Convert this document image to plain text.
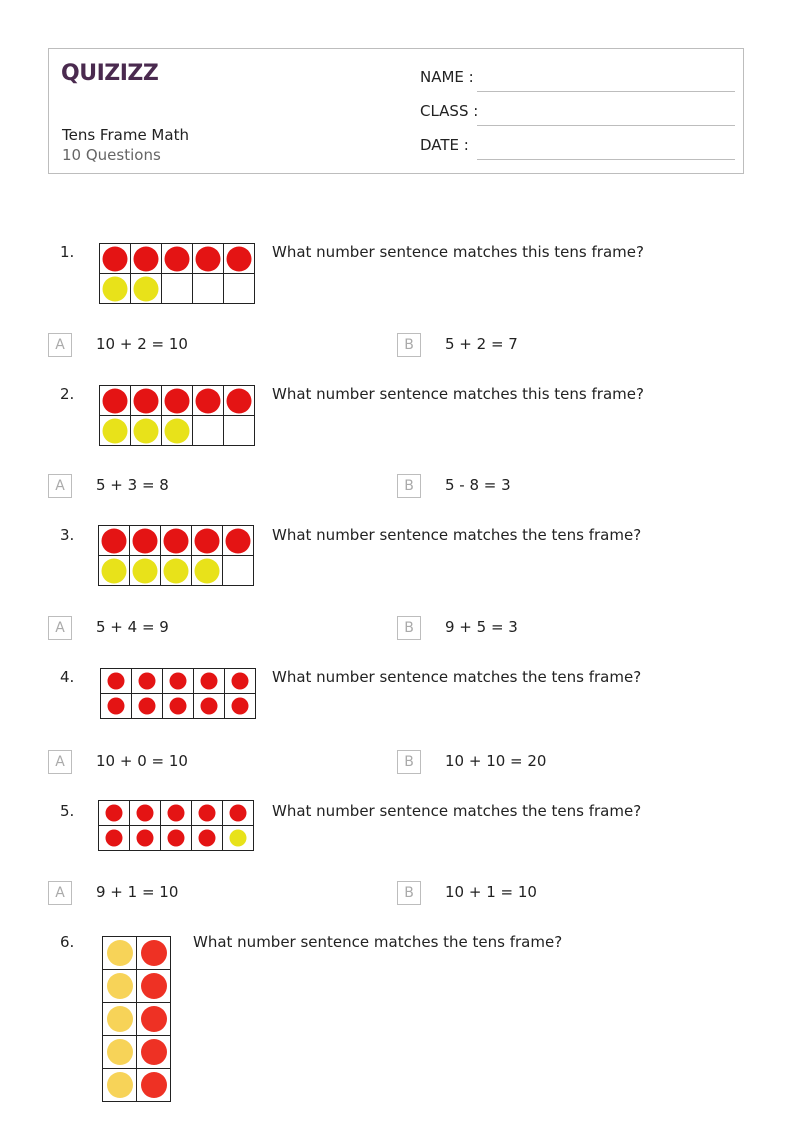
QUIZIZZ
Tens Frame Math
10 Questions
NAME :
CLASS :
DATE :
1.

				What number sentence matches this tens frame?
A	10 + 2 = 10	B	5 + 2 = 7
2.

			What number sentence matches this tens frame?
A	5 + 3 = 8	B	5 - 8 = 3
3.

		What number sentence matches the tens frame?
A	5 + 4 = 9	B	9 + 5 = 3
4.

		What number sentence matches the tens frame?
A	10 + 0 = 10	B	10 + 10 = 20
5.

		What number sentence matches the tens frame?
A	9 + 1 = 10	B	10 + 1 = 10
6.

		What number sentence matches the tens frame?
